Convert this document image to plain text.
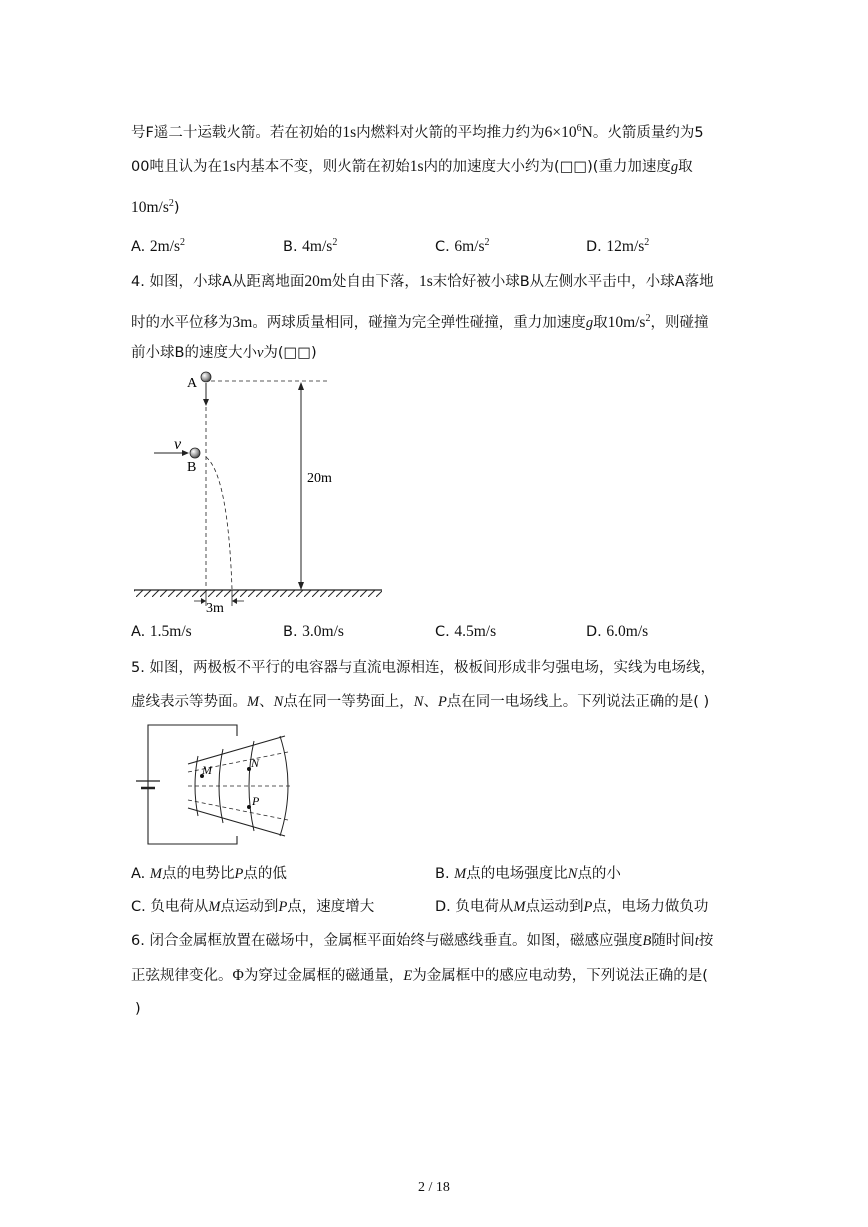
号F遥二十运载火箭。若在初始的1s内燃料对火箭的平均推力约为$6\times 10^6N$。火箭质量约为5
00吨且认为在1s内基本不变，则火箭在初始1s内的加速度大小约为(□□)(重力加速度g取
$10m/s^2$)
A. $2m/s^2$	B. $4m/s^2$	C. $6m/s^2$	D. $12m/s^2$
4. 如图，小球A从距离地面20m处自由下落，1s末恰好被小球B从左侧水平击中，小球A落地
时的水平位移为3m。两球质量相同，碰撞为完全弹性碰撞，重力加速度g取$10m/s^2$，则碰撞
前小球B的速度大小v为(□□)
A
v
B
20m
3m
A. 1.5m/s	B. 3.0m/s	C. 4.5m/s	D. 6.0m/s
5. 如图，两极板不平行的电容器与直流电源相连，极板间形成非匀强电场，实线为电场线，
虚线表示等势面。M、N点在同一等势面上，N、P点在同一电场线上。下列说法正确的是( )
M	N
P
A. M点的电势比P点的低	B. M点的电场强度比N点的小
C. 负电荷从M点运动到P点，速度增大	D. 负电荷从M点运动到P点，电场力做负功
6. 闭合金属框放置在磁场中，金属框平面始终与磁感线垂直。如图，磁感应强度B随时间t按
正弦规律变化。Φ为穿过金属框的磁通量，E为金属框中的感应电动势，下列说法正确的是(
)
2 / 18
